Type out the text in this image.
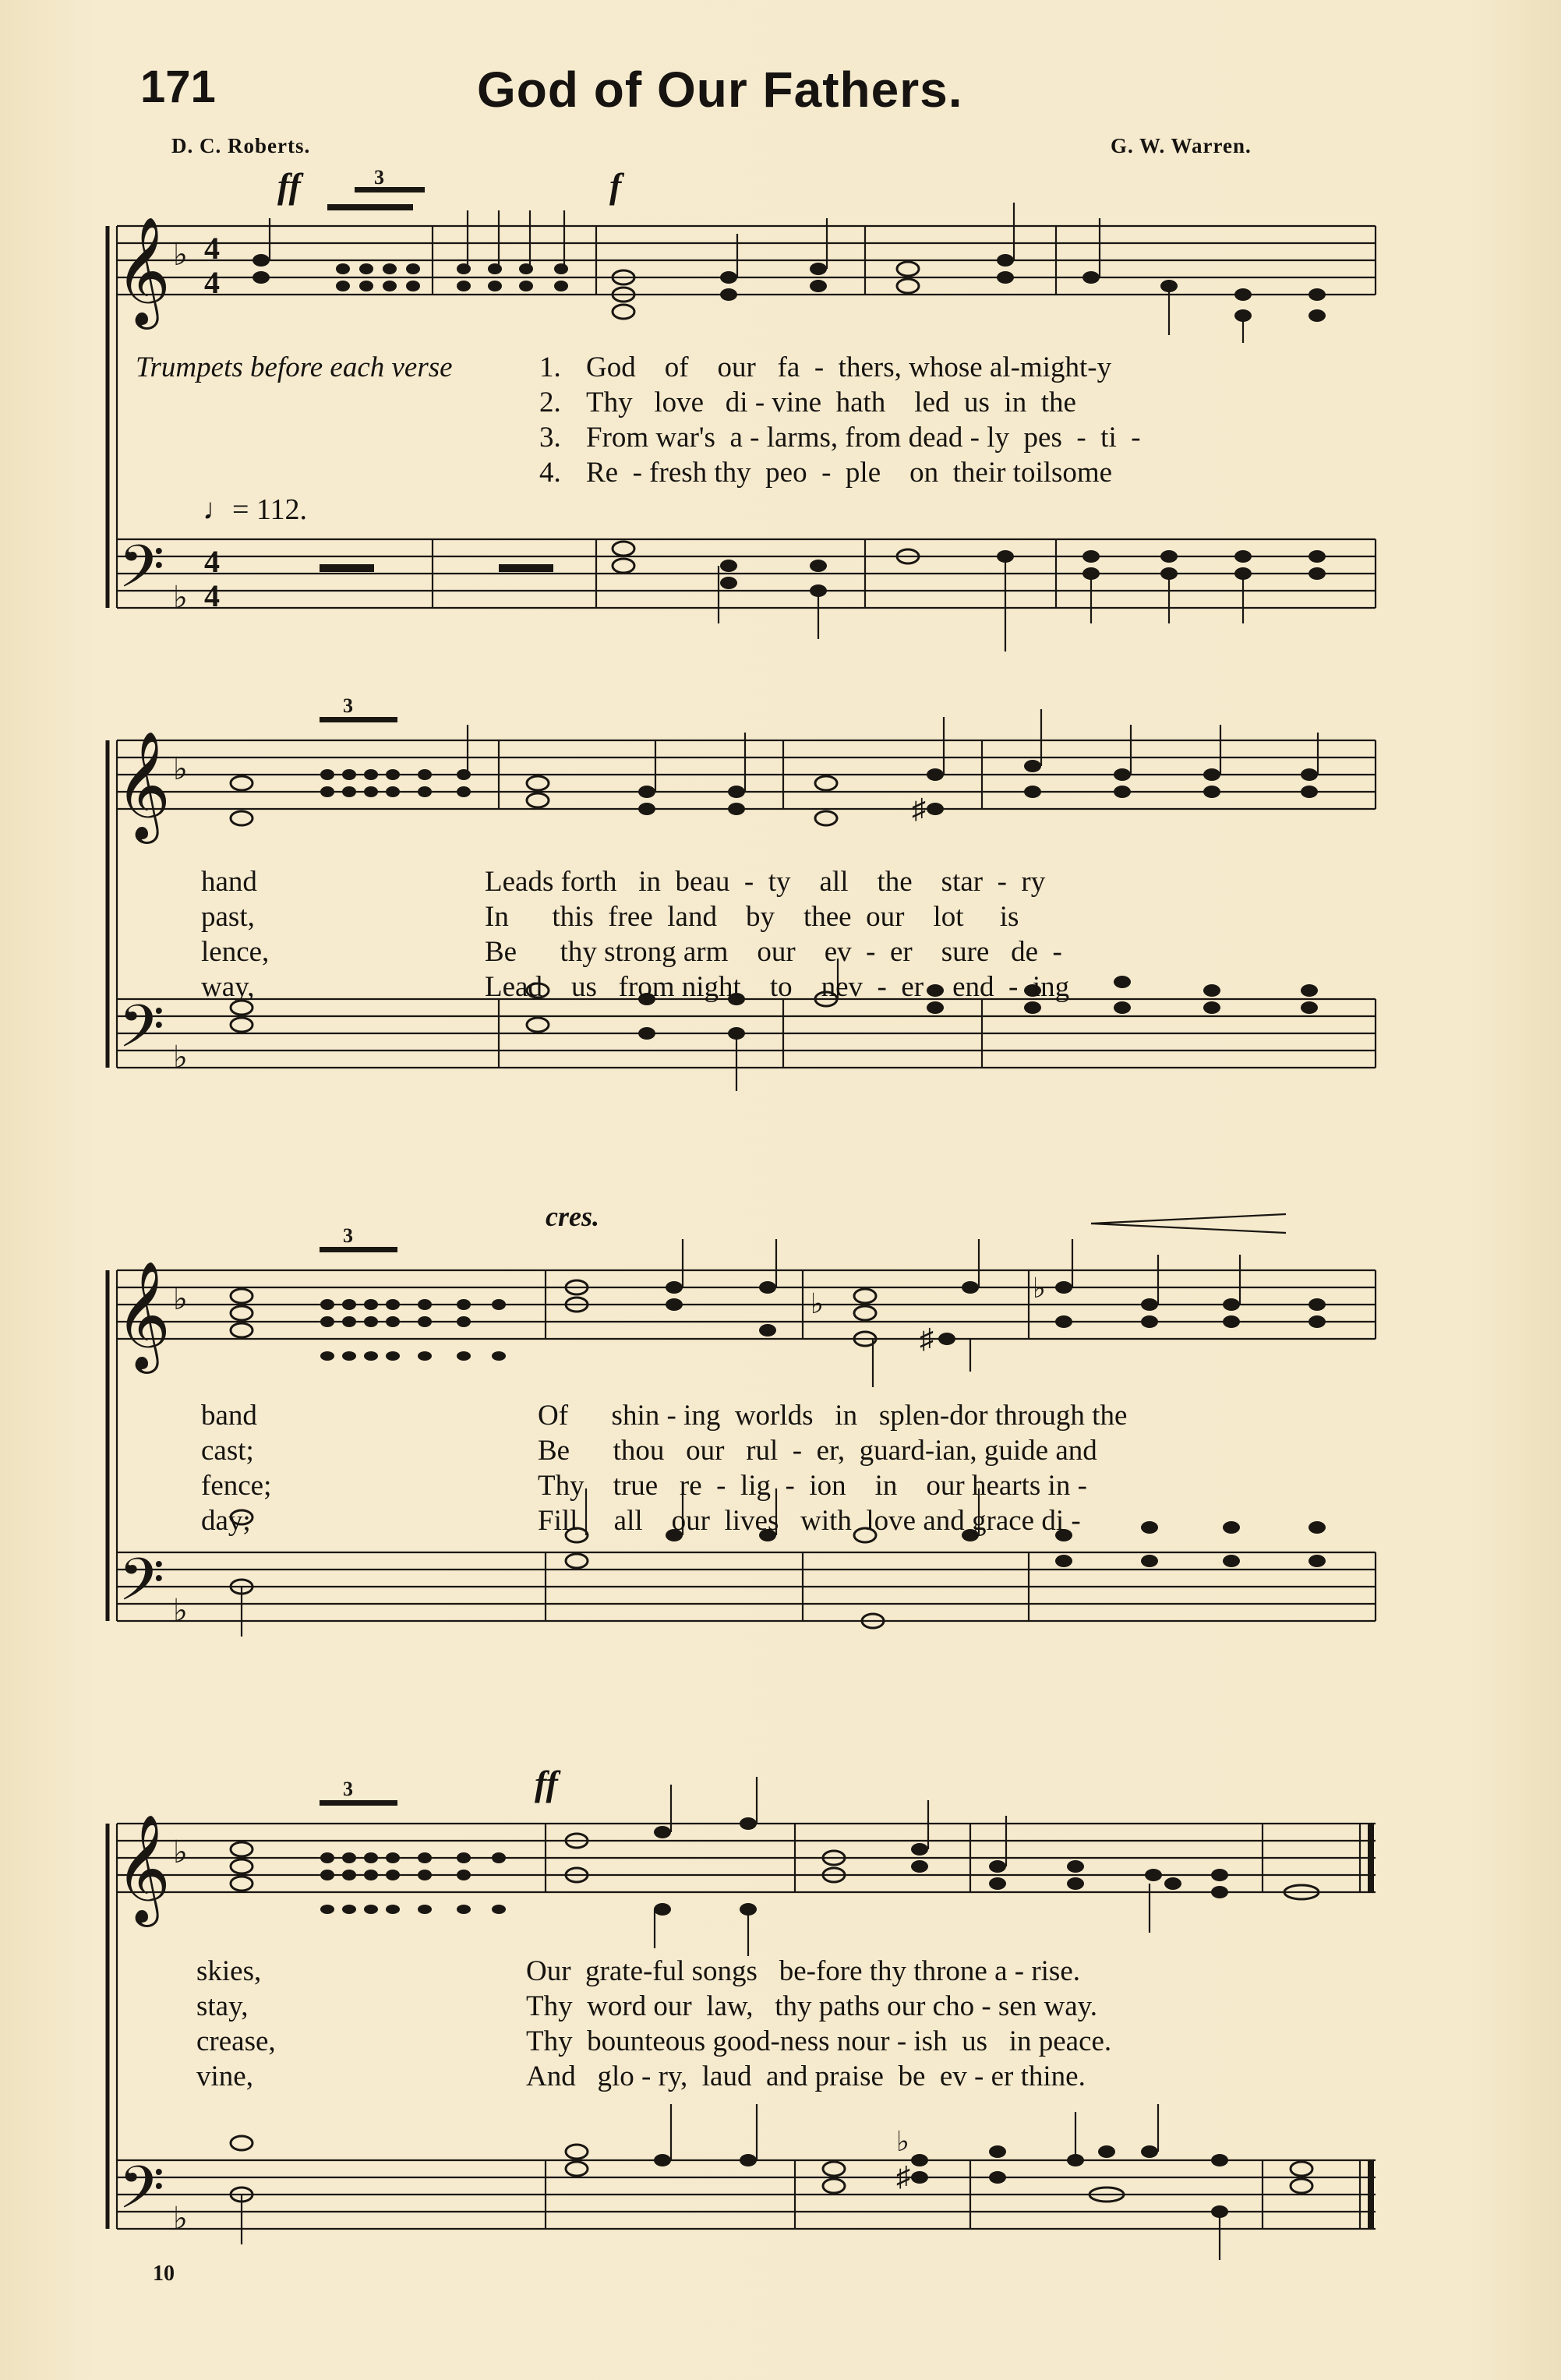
171	God of Our Fathers.
D. C. Roberts.	G. W. Warren.
ff	f
𝄞
𝄢
4
4
4
4
♭
♭
3
♩= 112.
Trumpets before each verse	1. God    of    our   fa  -  thers, whose al-might-y
2. Thy   love   di - vine  hath    led  us  in  the
3. From war's  a - larms, from dead - ly  pes  -  ti  -
4. Re  - fresh thy  peo  -  ple    on  their toilsome
𝄞
𝄢
♭
♭
♯
3
hand	Leads forth   in  beau  -  ty    all    the    star  -  ry
past,	In      this  free  land    by    thee  our    lot     is
lence,	Be      thy strong arm    our    ev  -  er    sure   de  -
way,	Lead    us   from night    to    nev  -  er    end  -  ing
cres.
𝄞
𝄢
♭
♭
♭
♯
♭
3
band	Of      shin - ing  worlds   in   splen-dor through the
cast;	Be      thou   our   rul  -  er,  guard-ian, guide and
fence;	Thy    true   re  -  lig  -  ion    in    our hearts in -
day;	Fill     all    our  lives   with  love and grace di -
ff
𝄞
𝄢
♭
♭
♭
♯
3
skies,	Our  grate-ful songs   be-fore thy throne a - rise.
stay,	Thy  word our  law,   thy paths our cho - sen way.
crease,	Thy  bounteous good-ness nour - ish  us   in peace.
vine,	And   glo - ry,  laud  and praise  be  ev - er thine.
10
